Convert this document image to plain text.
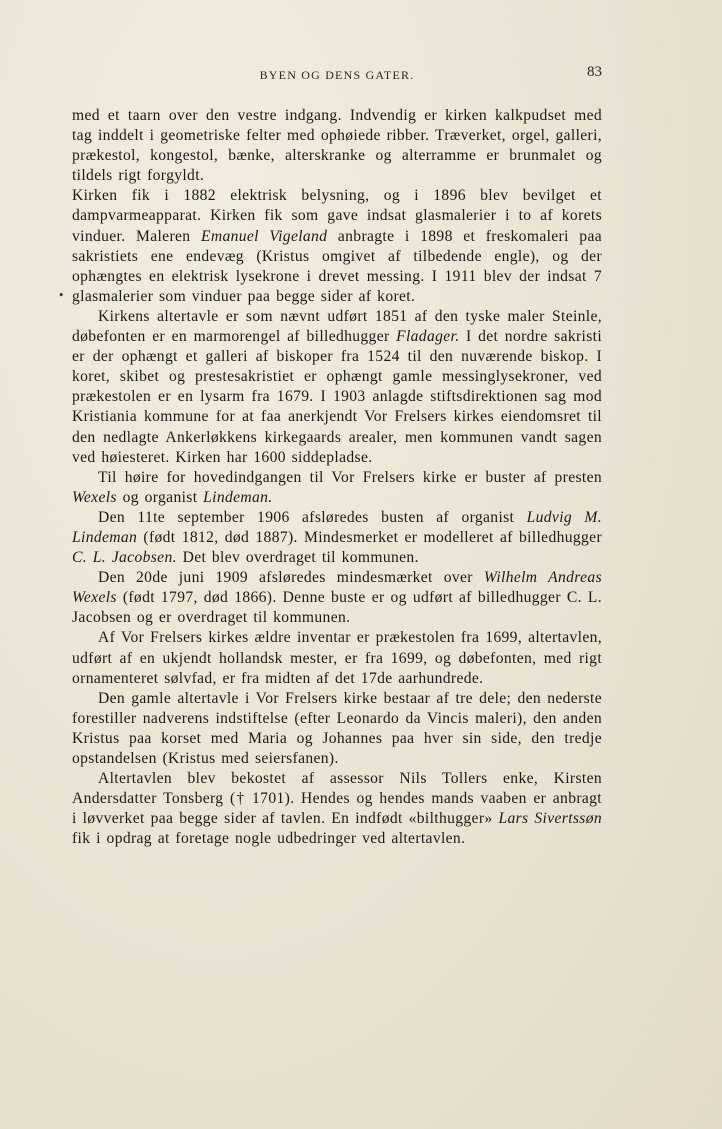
BYEN OG DENS GATER.	83
•

med et taarn over den vestre indgang. Indvendig er kirken kalkpudset med tag inddelt i geometriske felter med ophøiede ribber. Træverket, orgel, galleri, prækestol, kongestol, bænke, alterskranke og alterramme er brunmalet og tildels rigt forgyldt.

Kirken fik i 1882 elektrisk belysning, og i 1896 blev bevilget et dampvarmeapparat. Kirken fik som gave indsat glasmalerier i to af korets vinduer. Maleren Emanuel Vigeland anbragte i 1898 et freskomaleri paa sakristiets ene endevæg (Kristus omgivet af tilbedende engle), og der ophængtes en elektrisk lysekrone i drevet messing. I 1911 blev der indsat 7 glasmalerier som vinduer paa begge sider af koret.

Kirkens altertavle er som nævnt udført 1851 af den tyske maler Steinle, døbefonten er en marmorengel af billedhugger Fladager. I det nordre sakristi er der ophængt et galleri af biskoper fra 1524 til den nuværende biskop. I koret, skibet og prestesakristiet er ophængt gamle messinglysekroner, ved prækestolen er en lysarm fra 1679. I 1903 anlagde stiftsdirektionen sag mod Kristiania kommune for at faa anerkjendt Vor Frelsers kirkes eiendomsret til den nedlagte Ankerløkkens kirkegaards arealer, men kommunen vandt sagen ved høiesteret. Kirken har 1600 siddepladse.

Til høire for hovedindgangen til Vor Frelsers kirke er buster af presten Wexels og organist Lindeman.

Den 11te september 1906 afsløredes busten af organist Ludvig M. Lindeman (født 1812, død 1887). Mindesmerket er modelleret af billedhugger C. L. Jacobsen. Det blev overdraget til kommunen.

Den 20de juni 1909 afsløredes mindesmærket over Wilhelm Andreas Wexels (født 1797, død 1866). Denne buste er og udført af billedhugger C. L. Jacobsen og er overdraget til kommunen.

Af Vor Frelsers kirkes ældre inventar er prækestolen fra 1699, altertavlen, udført af en ukjendt hollandsk mester, er fra 1699, og døbefonten, med rigt ornamenteret sølvfad, er fra midten af det 17de aarhundrede.

Den gamle altertavle i Vor Frelsers kirke bestaar af tre dele; den nederste forestiller nadverens indstiftelse (efter Leonardo da Vincis maleri), den anden Kristus paa korset med Maria og Johannes paa hver sin side, den tredje opstandelsen (Kristus med seiersfanen).

Altertavlen blev bekostet af assessor Nils Tollers enke, Kirsten Andersdatter Tonsberg († 1701). Hendes og hendes mands vaaben er anbragt i løvverket paa begge sider af tavlen. En indfødt «bilthugger» Lars Sivertssøn fik i opdrag at foretage nogle udbedringer ved altertavlen.
